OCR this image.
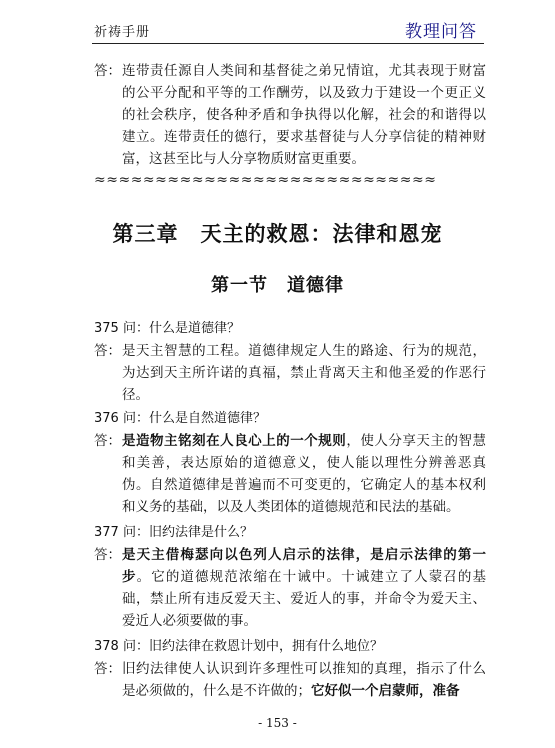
祈祷手册	教理问答
答： 连带责任源自人类间和基督徒之弟兄情谊，尤其表现于财富的公平分配和平等的工作酬劳，以及致力于建设一个更正义的社会秩序，使各种矛盾和争执得以化解，社会的和谐得以建立。连带责任的德行，要求基督徒与人分享信徒的精神财富，这甚至比与人分享物质财富更重要。
≈≈≈≈≈≈≈≈≈≈≈≈≈≈≈≈≈≈≈≈≈≈≈≈≈≈≈≈
第三章　天主的救恩：法律和恩宠
第一节　道德律
375 问：什么是道德律？
答： 是天主智慧的工程。道德律规定人生的路途、行为的规范，为达到天主所许诺的真福，禁止背离天主和他圣爱的作恶行径。
376 问：什么是自然道德律？
答： 是造物主铭刻在人良心上的一个规则，使人分享天主的智慧和美善，表达原始的道德意义，使人能以理性分辨善恶真伪。自然道德律是普遍而不可变更的，它确定人的基本权利和义务的基础，以及人类团体的道德规范和民法的基础。
377 问：旧约法律是什么？
答： 是天主借梅瑟向以色列人启示的法律，是启示法律的第一步。它的道德规范浓缩在十诫中。十诫建立了人蒙召的基础，禁止所有违反爱天主、爱近人的事，并命令为爱天主、爱近人必须要做的事。
378 问：旧约法律在救恩计划中，拥有什么地位？
答： 旧约法律使人认识到许多理性可以推知的真理，指示了什么是必须做的，什么是不许做的；它好似一个启蒙师，准备
- 153 -
